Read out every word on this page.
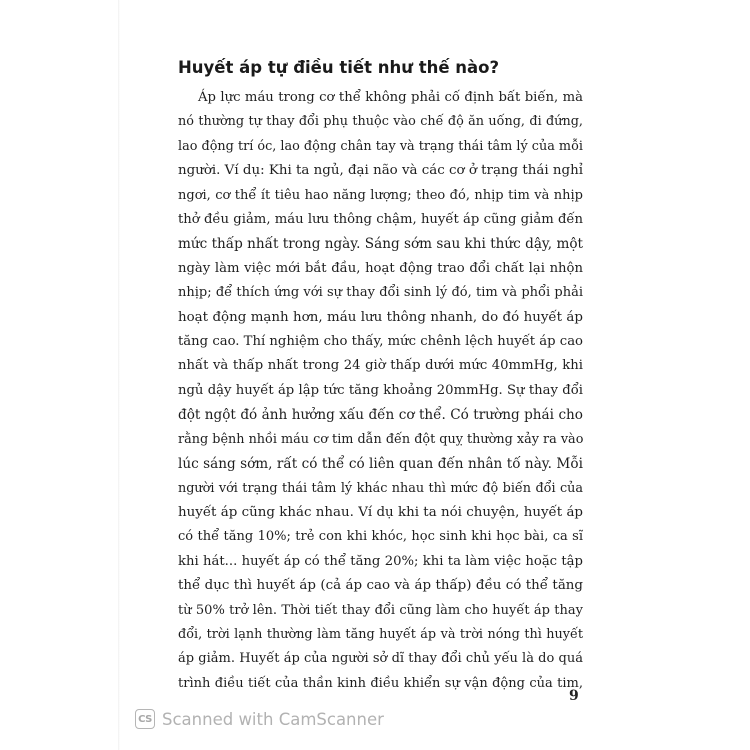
Huyết áp tự điều tiết như thế nào?
Áp lực máu trong cơ thể không phải cố định bất biến, mà
nó thường tự thay đổi phụ thuộc vào chế độ ăn uống, đi đứng,
lao động trí óc, lao động chân tay và trạng thái tâm lý của mỗi
người. Ví dụ: Khi ta ngủ, đại não và các cơ ở trạng thái nghỉ
ngơi, cơ thể ít tiêu hao năng lượng; theo đó, nhịp tim và nhịp
thở đều giảm, máu lưu thông chậm, huyết áp cũng giảm đến
mức thấp nhất trong ngày. Sáng sớm sau khi thức dậy, một
ngày làm việc mới bắt đầu, hoạt động trao đổi chất lại nhộn
nhịp; để thích ứng với sự thay đổi sinh lý đó, tim và phổi phải
hoạt động mạnh hơn, máu lưu thông nhanh, do đó huyết áp
tăng cao. Thí nghiệm cho thấy, mức chênh lệch huyết áp cao
nhất và thấp nhất trong 24 giờ thấp dưới mức 40mmHg, khi
ngủ dậy huyết áp lập tức tăng khoảng 20mmHg. Sự thay đổi
đột ngột đó ảnh hưởng xấu đến cơ thể. Có trường phái cho
rằng bệnh nhồi máu cơ tim dẫn đến đột quỵ thường xảy ra vào
lúc sáng sớm, rất có thể có liên quan đến nhân tố này. Mỗi
người với trạng thái tâm lý khác nhau thì mức độ biến đổi của
huyết áp cũng khác nhau. Ví dụ khi ta nói chuyện, huyết áp
có thể tăng 10%; trẻ con khi khóc, học sinh khi học bài, ca sĩ
khi hát... huyết áp có thể tăng 20%; khi ta làm việc hoặc tập
thể dục thì huyết áp (cả áp cao và áp thấp) đều có thể tăng
từ 50% trở lên. Thời tiết thay đổi cũng làm cho huyết áp thay
đổi, trời lạnh thường làm tăng huyết áp và trời nóng thì huyết
áp giảm. Huyết áp của người sở dĩ thay đổi chủ yếu là do quá
trình điều tiết của thần kinh điều khiển sự vận động của tim,
9
CS Scanned with CamScanner
